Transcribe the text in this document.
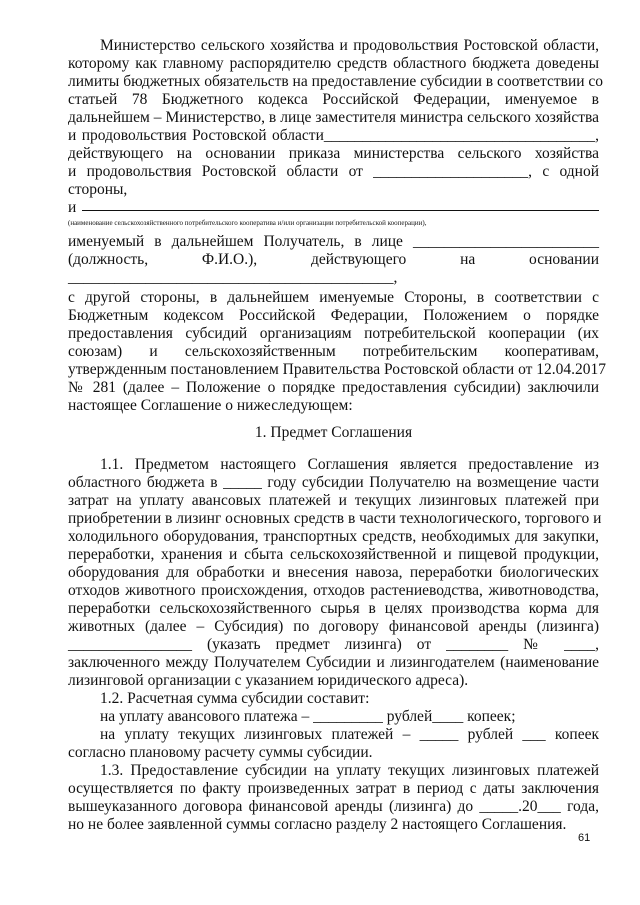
Министерство сельского хозяйства и продовольствия Ростовской области,
которому как главному распорядителю средств областного бюджета доведены
лимиты бюджетных обязательств на предоставление субсидии в соответствии со
статьей 78 Бюджетного кодекса Российской Федерации, именуемое в
дальнейшем – Министерство, в лице заместителя министра сельского хозяйства
и продовольствия Ростовской области___________________________________,
действующего на основании приказа министерства сельского хозяйства
и продовольствия Ростовской области от ____________________, с одной
стороны,
и
(наименование сельскохозяйственного потребительского кооператива и/или организации потребительской кооперации),
именуемый в дальнейшем Получатель, в лице ________________________
(должность, Ф.И.О.), действующего на основании
__________________________________________,
с другой стороны, в дальнейшем именуемые Стороны, в соответствии с
Бюджетным кодексом Российской Федерации, Положением о порядке
предоставления субсидий организациям потребительской кооперации (их
союзам) и сельскохозяйственным потребительским кооперативам,
утвержденным постановлением Правительства Ростовской области от 12.04.2017
№ 281 (далее – Положение о порядке предоставления субсидии) заключили
настоящее Соглашение о нижеследующем:
1. Предмет Соглашения
1.1. Предметом настоящего Соглашения является предоставление из
областного бюджета в _____ году субсидии Получателю на возмещение части
затрат на уплату авансовых платежей и текущих лизинговых платежей при
приобретении в лизинг основных средств в части технологического, торгового и
холодильного оборудования, транспортных средств, необходимых для закупки,
переработки, хранения и сбыта сельскохозяйственной и пищевой продукции,
оборудования для обработки и внесения навоза, переработки биологических
отходов животного происхождения, отходов растениеводства, животноводства,
переработки сельскохозяйственного сырья в целях производства корма для
животных (далее – Субсидия) по договору финансовой аренды (лизинга)
________________ (указать предмет лизинга) от ________ № ____,
заключенного между Получателем Субсидии и лизингодателем (наименование
лизинговой организации с указанием юридического адреса).
1.2. Расчетная сумма субсидии составит:
на уплату авансового платежа – _________ рублей____ копеек;
на уплату текущих лизинговых платежей – _____ рублей ___ копеек
согласно плановому расчету суммы субсидии.
1.3. Предоставление субсидии на уплату текущих лизинговых платежей
осуществляется по факту произведенных затрат в период с даты заключения
вышеуказанного договора финансовой аренды (лизинга) до _____.20___ года,
но не более заявленной суммы согласно разделу 2 настоящего Соглашения.
61
